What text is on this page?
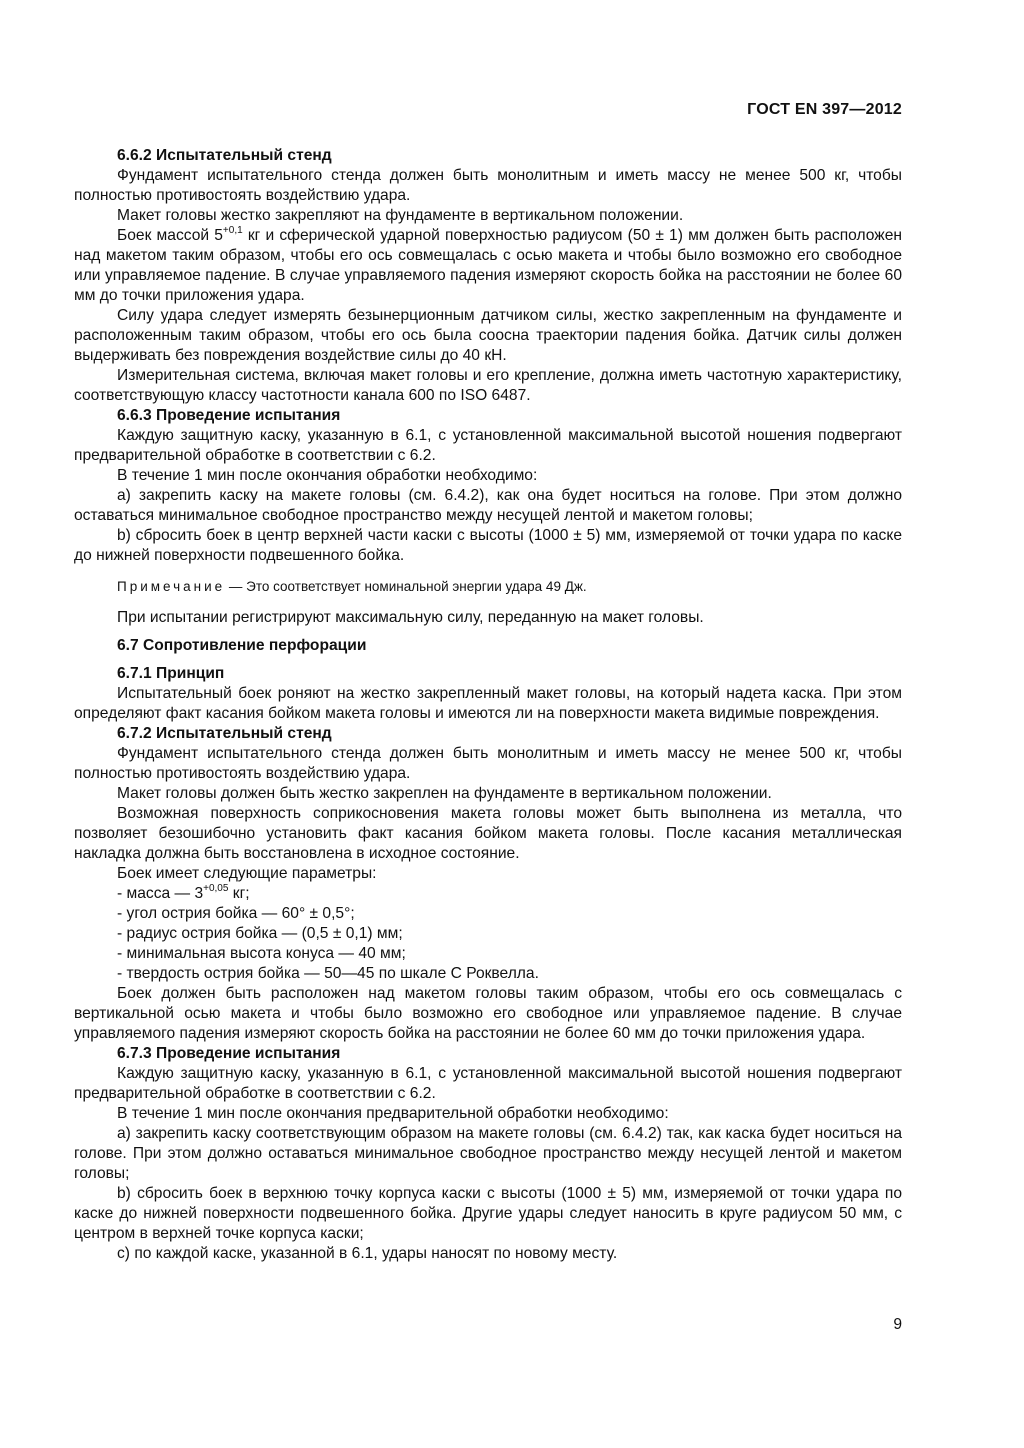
ГОСТ EN 397—2012

6.6.2 Испытательный стенд

Фундамент испытательного стенда должен быть монолитным и иметь массу не менее 500 кг, чтобы полностью противостоять воздействию удара.

Макет головы жестко закрепляют на фундаменте в вертикальном положении.

Боек массой $5^{+0,1}$ кг и сферической ударной поверхностью радиусом (50 ± 1) мм должен быть расположен над макетом таким образом, чтобы его ось совмещалась с осью макета и чтобы было возможно его свободное или управляемое падение. В случае управляемого падения измеряют скорость бойка на расстоянии не более 60 мм до точки приложения удара.

Силу удара следует измерять безынерционным датчиком силы, жестко закрепленным на фундаменте и расположенным таким образом, чтобы его ось была соосна траектории падения бойка. Датчик силы должен выдерживать без повреждения воздействие силы до 40 кН.

Измерительная система, включая макет головы и его крепление, должна иметь частотную характеристику, соответствующую классу частотности канала 600 по ISO 6487.

6.6.3 Проведение испытания

Каждую защитную каску, указанную в 6.1, с установленной максимальной высотой ношения подвергают предварительной обработке в соответствии с 6.2.

В течение 1 мин после окончания обработки необходимо:

а) закрепить каску на макете головы (см. 6.4.2), как она будет носиться на голове. При этом должно оставаться минимальное свободное пространство между несущей лентой и макетом головы;

b) сбросить боек в центр верхней части каски с высоты (1000 ± 5) мм, измеряемой от точки удара по каске до нижней поверхности подвешенного бойка.

Примечание — Это соответствует номинальной энергии удара 49 Дж.

При испытании регистрируют максимальную силу, переданную на макет головы.

6.7 Сопротивление перфорации

6.7.1 Принцип

Испытательный боек роняют на жестко закрепленный макет головы, на который надета каска. При этом определяют факт касания бойком макета головы и имеются ли на поверхности макета видимые повреждения.

6.7.2 Испытательный стенд

Фундамент испытательного стенда должен быть монолитным и иметь массу не менее 500 кг, чтобы полностью противостоять воздействию удара.

Макет головы должен быть жестко закреплен на фундаменте в вертикальном положении.

Возможная поверхность соприкосновения макета головы может быть выполнена из металла, что позволяет безошибочно установить факт касания бойком макета головы. После касания металлическая накладка должна быть восстановлена в исходное состояние.

Боек имеет следующие параметры:

- масса — $3^{+0,05}$ кг;

- угол острия бойка — 60° ± 0,5°;

- радиус острия бойка — (0,5 ± 0,1) мм;

- минимальная высота конуса — 40 мм;

- твердость острия бойка — 50—45 по шкале С Роквелла.

Боек должен быть расположен над макетом головы таким образом, чтобы его ось совмещалась с вертикальной осью макета и чтобы было возможно его свободное или управляемое падение. В случае управляемого падения измеряют скорость бойка на расстоянии не более 60 мм до точки приложения удара.

6.7.3 Проведение испытания

Каждую защитную каску, указанную в 6.1, с установленной максимальной высотой ношения подвергают предварительной обработке в соответствии с 6.2.

В течение 1 мин после окончания предварительной обработки необходимо:

а) закрепить каску соответствующим образом на макете головы (см. 6.4.2) так, как каска будет носиться на голове. При этом должно оставаться минимальное свободное пространство между несущей лентой и макетом головы;

b) сбросить боек в верхнюю точку корпуса каски с высоты (1000 ± 5) мм, измеряемой от точки удара по каске до нижней поверхности подвешенного бойка. Другие удары следует наносить в круге радиусом 50 мм, с центром в верхней точке корпуса каски;

с) по каждой каске, указанной в 6.1, удары наносят по новому месту.

9
